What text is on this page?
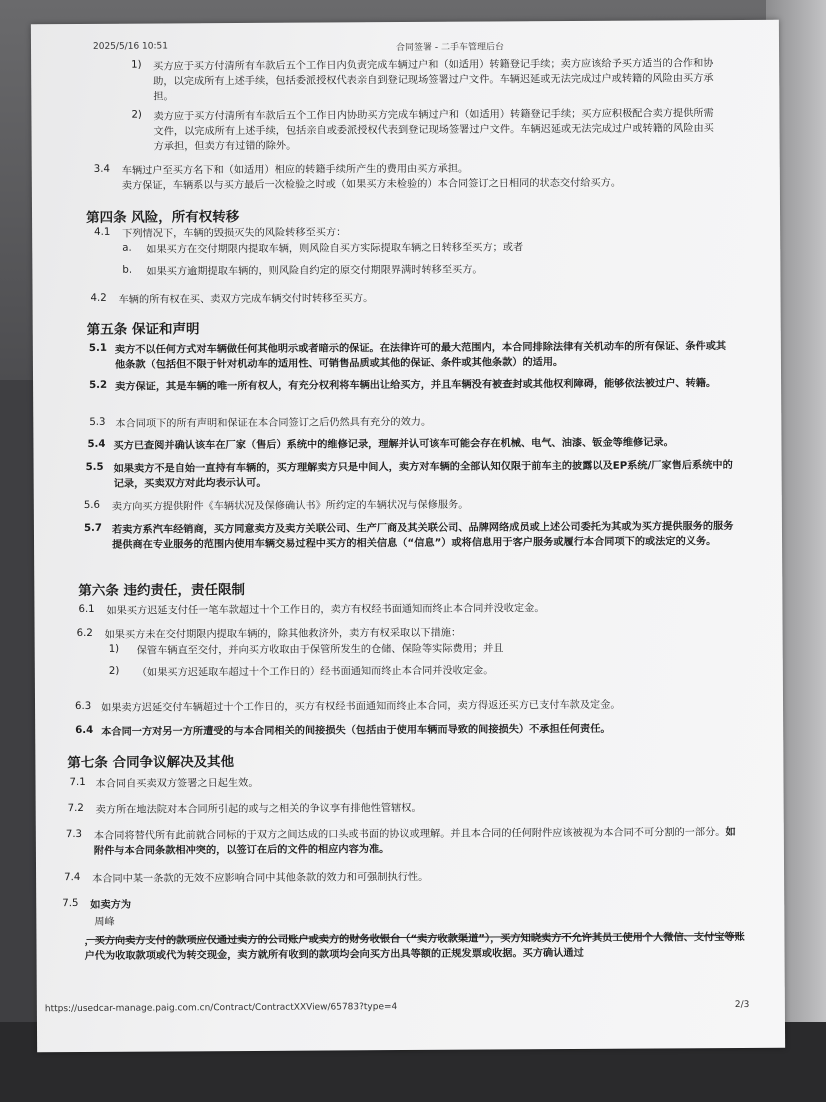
2025/5/16 10:51	合同签署 - 二手车管理后台
1) 买方应于买方付清所有车款后五个工作日内负责完成车辆过户和（如适用）转籍登记手续；卖方应该给予买方适当的合作和协助，以完成所有上述手续，包括委派授权代表亲自到登记现场签署过户文件。车辆迟延或无法完成过户或转籍的风险由买方承担。
2) 卖方应于买方付清所有车款后五个工作日内协助买方完成车辆过户和（如适用）转籍登记手续；买方应积极配合卖方提供所需文件，以完成所有上述手续，包括亲自或委派授权代表到登记现场签署过户文件。车辆迟延或无法完成过户或转籍的风险由买方承担，但卖方有过错的除外。
3.4 车辆过户至买方名下和（如适用）相应的转籍手续所产生的费用由买方承担。
卖方保证，车辆系以与买方最后一次检验之时或（如果买方未检验的）本合同签订之日相同的状态交付给买方。
第四条 风险，所有权转移
4.1 下列情况下，车辆的毁损灭失的风险转移至买方：
a. 如果买方在交付期限内提取车辆，则风险自买方实际提取车辆之日转移至买方；或者
b. 如果买方逾期提取车辆的，则风险自约定的原交付期限界满时转移至买方。
4.2 车辆的所有权在买、卖双方完成车辆交付时转移至买方。
第五条 保证和声明
5.1 卖方不以任何方式对车辆做任何其他明示或者暗示的保证。在法律许可的最大范围内，本合同排除法律有关机动车的所有保证、条件或其他条款（包括但不限于针对机动车的适用性、可销售品质或其他的保证、条件或其他条款）的适用。
5.2 卖方保证，其是车辆的唯一所有权人，有充分权利将车辆出让给买方，并且车辆没有被查封或其他权利障碍，能够依法被过户、转籍。
5.3 本合同项下的所有声明和保证在本合同签订之后仍然具有充分的效力。
5.4 买方已查阅并确认该车在厂家（售后）系统中的维修记录，理解并认可该车可能会存在机械、电气、油漆、钣金等维修记录。
5.5 如果卖方不是自始一直持有车辆的，买方理解卖方只是中间人，卖方对车辆的全部认知仅限于前车主的披露以及EP系统/厂家售后系统中的记录，买卖双方对此均表示认可。
5.6 卖方向买方提供附件《车辆状况及保修确认书》所约定的车辆状况与保修服务。
5.7 若卖方系汽车经销商，买方同意卖方及卖方关联公司、生产厂商及其关联公司、品牌网络成员或上述公司委托为其或为买方提供服务的服务提供商在专业服务的范围内使用车辆交易过程中买方的相关信息（“信息”）或将信息用于客户服务或履行本合同项下的或法定的义务。
第六条 违约责任，责任限制
6.1 如果买方迟延支付任一笔车款超过十个工作日的，卖方有权经书面通知而终止本合同并没收定金。
6.2 如果买方未在交付期限内提取车辆的，除其他救济外，卖方有权采取以下措施：
1) 保管车辆直至交付，并向买方收取由于保管所发生的仓储、保险等实际费用；并且
2) （如果买方迟延取车超过十个工作日的）经书面通知而终止本合同并没收定金。
6.3 如果卖方迟延交付车辆超过十个工作日的，买方有权经书面通知而终止本合同，卖方得返还买方已支付车款及定金。
6.4 本合同一方对另一方所遭受的与本合同相关的间接损失（包括由于使用车辆而导致的间接损失）不承担任何责任。
第七条 合同争议解决及其他
7.1 本合同自买卖双方签署之日起生效。
7.2 卖方所在地法院对本合同所引起的或与之相关的争议享有排他性管辖权。
7.3 本合同将替代所有此前就合同标的于双方之间达成的口头或书面的协议或理解。并且本合同的任何附件应该被视为本合同不可分割的一部分。如附件与本合同条款相冲突的，以签订在后的文件的相应内容为准。
7.4 本合同中某一条款的无效不应影响合同中其他条款的效力和可强制执行性。
7.5 如卖方为
周峰
，买方向卖方支付的款项应仅通过卖方的公司账户或卖方的财务收银台（“卖方收款渠道”），买方知晓卖方不允许其员工使用个人微信、支付宝等账户代为收取款项或代为转交现金，卖方就所有收到的款项均会向买方出具等额的正规发票或收据。买方确认通过
https://usedcar-manage.paig.com.cn/Contract/ContractXXView/65783?type=4	2/3
